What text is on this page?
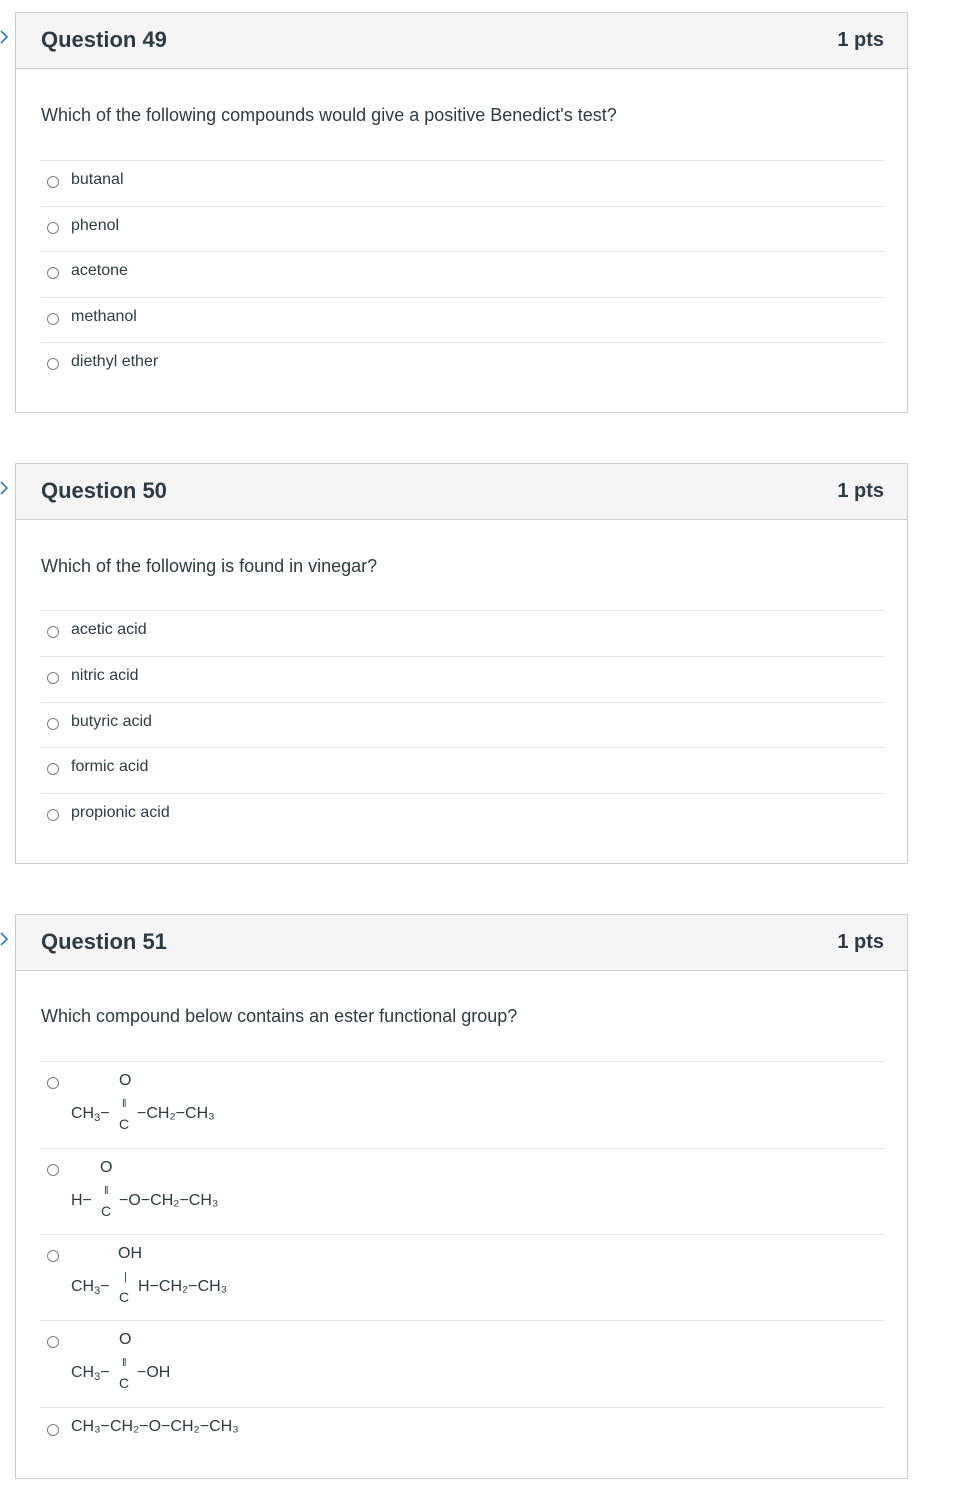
Question 49	1 pts
Which of the following compounds would give a positive Benedict's test?
butanal
phenol
acetone
methanol
diethyl ether
Question 50	1 pts
Which of the following is found in vinegar?
acetic acid
nitric acid
butyric acid
formic acid
propionic acid
Question 51	1 pts
Which compound below contains an ester functional group?
O
‖
$CH_3-$
C
−CH₂−CH₃
O
‖
H−
C
−O−CH₂−CH₃
OH
|
$CH_3-$
C
H−CH₂−CH₃
O
‖
$CH_3-$
C
−OH
CH₃−CH₂−O−CH₂−CH₃
